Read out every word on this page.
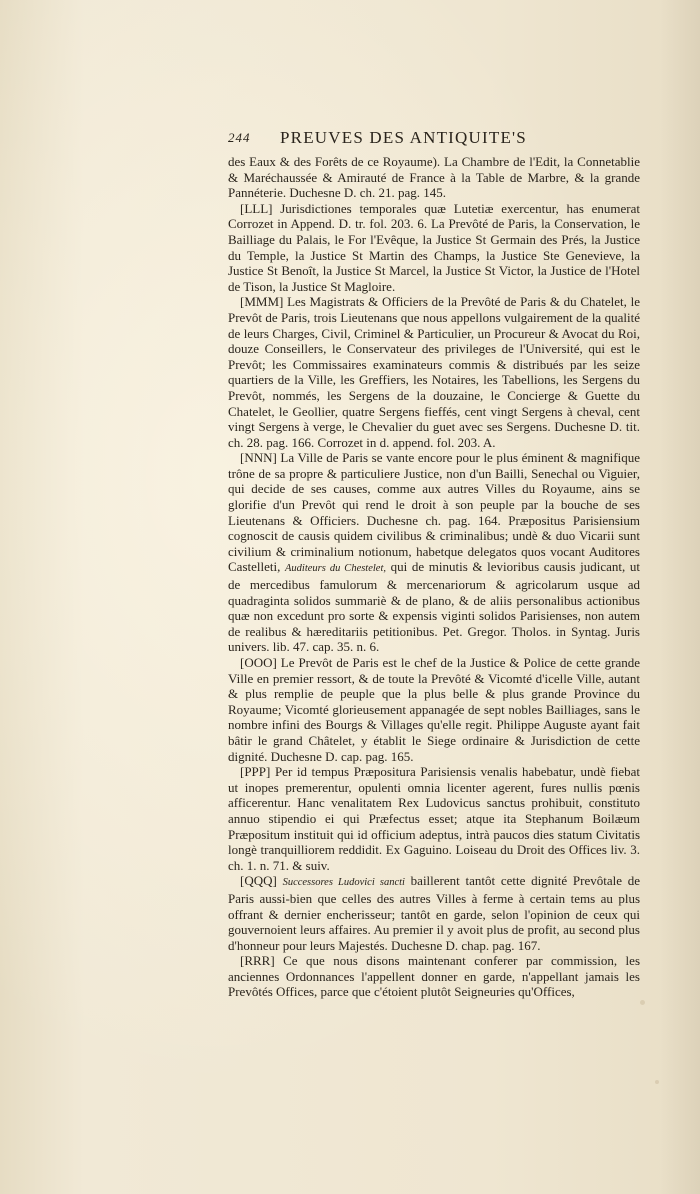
244 PREUVES DES ANTIQUITE'S

des Eaux & des Forêts de ce Royaume). La Chambre de l'Edit, la Connetablie & Maréchaussée & Amirauté de France à la Table de Marbre, & la grande Pannéterie. Duchesne D. ch. 21. pag. 145.

[LLL] Jurisdictiones temporales quæ Lutetiæ exercentur, has enumerat Corrozet in Append. D. tr. fol. 203. 6. La Prevôté de Paris, la Conservation, le Bailliage du Palais, le For l'Evêque, la Justice St Germain des Prés, la Justice du Temple, la Justice St Martin des Champs, la Justice Ste Genevieve, la Justice St Benoît, la Justice St Marcel, la Justice St Victor, la Justice de l'Hotel de Tison, la Justice St Magloire.

[MMM] Les Magistrats & Officiers de la Prevôté de Paris & du Chatelet, le Prevôt de Paris, trois Lieutenans que nous appellons vulgairement de la qualité de leurs Charges, Civil, Criminel & Particulier, un Procureur & Avocat du Roi, douze Conseillers, le Conservateur des privileges de l'Université, qui est le Prevôt; les Commissaires examinateurs commis & distribués par les seize quartiers de la Ville, les Greffiers, les Notaires, les Tabellions, les Sergens du Prevôt, nommés, les Sergens de la douzaine, le Concierge & Guette du Chatelet, le Geollier, quatre Sergens fieffés, cent vingt Sergens à cheval, cent vingt Sergens à verge, le Chevalier du guet avec ses Sergens. Duchesne D. tit. ch. 28. pag. 166. Corrozet in d. append. fol. 203. A.

[NNN] La Ville de Paris se vante encore pour le plus éminent & magnifique trône de sa propre & particuliere Justice, non d'un Bailli, Senechal ou Viguier, qui decide de ses causes, comme aux autres Villes du Royaume, ains se glorifie d'un Prevôt qui rend le droit à son peuple par la bouche de ses Lieutenans & Officiers. Duchesne ch. pag. 164. Præpositus Parisiensium cognoscit de causis quidem civilibus & criminalibus; undè & duo Vicarii sunt civilium & criminalium notionum, habetque delegatos quos vocant Auditores Castelleti, Auditeurs du Chestelet, qui de minutis & levioribus causis judicant, ut de mercedibus famulorum & mercenariorum & agricolarum usque ad quadraginta solidos summariè & de plano, & de aliis personalibus actionibus quæ non excedunt pro sorte & expensis viginti solidos Parisienses, non autem de realibus & hæreditariis petitionibus. Pet. Gregor. Tholos. in Syntag. Juris univers. lib. 47. cap. 35. n. 6.

[OOO] Le Prevôt de Paris est le chef de la Justice & Police de cette grande Ville en premier ressort, & de toute la Prevôté & Vicomté d'icelle Ville, autant & plus remplie de peuple que la plus belle & plus grande Province du Royaume; Vicomté glorieusement appanagée de sept nobles Bailliages, sans le nombre infini des Bourgs & Villages qu'elle regit. Philippe Auguste ayant fait bâtir le grand Châtelet, y établit le Siege ordinaire & Jurisdiction de cette dignité. Duchesne D. cap. pag. 165.

[PPP] Per id tempus Præpositura Parisiensis venalis habebatur, undè fiebat ut inopes premerentur, opulenti omnia licenter agerent, fures nullis pœnis afficerentur. Hanc venalitatem Rex Ludovicus sanctus prohibuit, constituto annuo stipendio ei qui Præfectus esset; atque ita Stephanum Boilæum Præpositum instituit qui id officium adeptus, intrà paucos dies statum Civitatis longè tranquilliorem reddidit. Ex Gaguino. Loiseau du Droit des Offices liv. 3. ch. 1. n. 71. & suiv.

[QQQ] Successores Ludovici sancti baillerent tantôt cette dignité Prevôtale de Paris aussi-bien que celles des autres Villes à ferme à certain tems au plus offrant & dernier encherisseur; tantôt en garde, selon l'opinion de ceux qui gouvernoient leurs affaires. Au premier il y avoit plus de profit, au second plus d'honneur pour leurs Majestés. Duchesne D. chap. pag. 167.

[RRR] Ce que nous disons maintenant conferer par commission, les anciennes Ordonnances l'appellent donner en garde, n'appellant jamais les Prevôtés Offices, parce que c'étoient plutôt Seigneuries qu'Offices,
